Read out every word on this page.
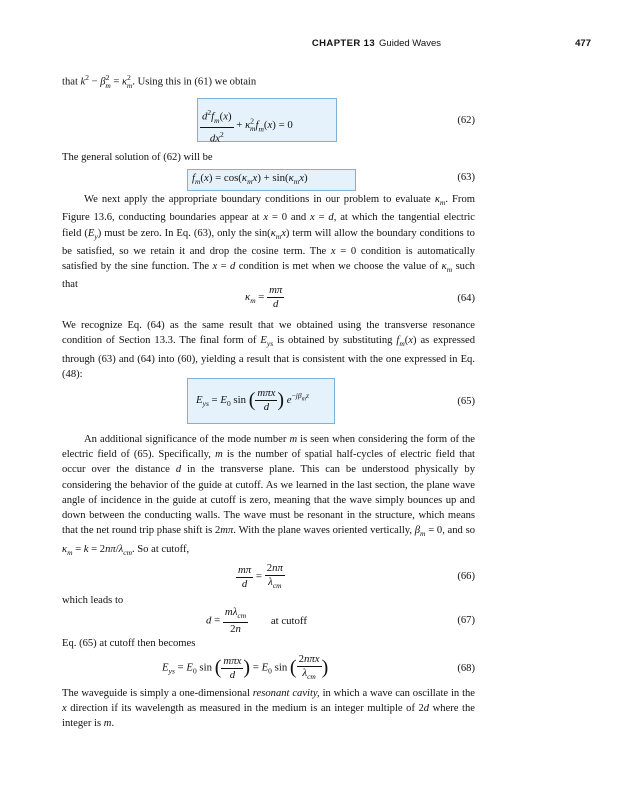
CHAPTER 13 Guided Waves	477
that $k^2 - \beta^2_m = \kappa^2_m$. Using this in (61) we obtain
$\frac{d^2f_m(x)}{dx^2} + \kappa^2_mf_m(x) = 0$	(62)
The general solution of (62) will be
$f_m(x) = \cos(\kappa_mx) + \sin(\kappa_mx)$	(63)
We next apply the appropriate boundary conditions in our problem to evaluate $\kappa_m$. From Figure 13.6, conducting boundaries appear at x = 0 and x = d, at which the tangential electric field $(E_y)$ must be zero. In Eq. (63), only the $\sin(\kappa_mx)$ term will allow the boundary conditions to be satisfied, so we retain it and drop the cosine term. The x = 0 condition is automatically satisfied by the sine function. The x = d condition is met when we choose the value of $\kappa_m$ such that
$\kappa_m = \frac{m\pi}{d}$	(64)
We recognize Eq. (64) as the same result that we obtained using the transverse resonance condition of Section 13.3. The final form of $E_{ys}$ is obtained by substituting $f_m(x)$ as expressed through (63) and (64) into (60), yielding a result that is consistent with the one expressed in Eq. (48):
$E_{ys} = E_0$ sin ( $\frac{\text{mπx}}{d}$ ) $e^{-j\beta_mz}$
(65)
An additional significance of the mode number m is seen when considering the form of the electric field of (65). Specifically, m is the number of spatial half-cycles of electric field that occur over the distance d in the transverse plane. This can be understood physically by considering the behavior of the guide at cutoff. As we learned in the last section, the plane wave angle of incidence in the guide at cutoff is zero, meaning that the wave simply bounces up and down between the conducting walls. The wave must be resonant in the structure, which means that the net round trip phase shift is 2mπ. With the plane waves oriented vertically, $\beta_m = 0$, and so $\kappa_m = k = 2n\pi/\lambda_{cm}$. So at cutoff,
$\frac{m\pi}{d} = \frac{2n\pi}{\lambda_{cm}}$	(66)
which leads to
$d = \frac{m\lambda_{cm}}{2n}$ at cutoff	(67)
Eq. (65) at cutoff then becomes
$E_{ys} = E_0$ sin ( $\frac{\text{mπx}}{d}$ ) = $E_0$ sin ( $\frac{\text{2nπx}}{\lambda_{cm}}$ )	(68)
The waveguide is simply a one-dimensional resonant cavity, in which a wave can oscillate in the x direction if its wavelength as measured in the medium is an integer multiple of 2d where the integer is m.
